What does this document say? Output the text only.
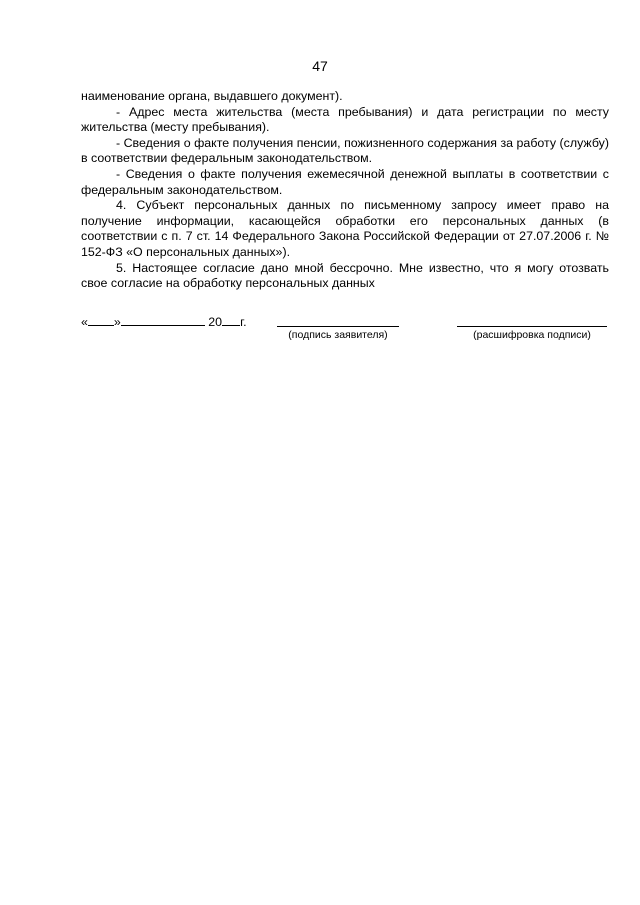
47

наименование органа, выдавшего документ).

- Адрес места жительства (места пребывания) и дата регистрации по месту жительства (месту пребывания).

- Сведения о факте получения пенсии, пожизненного содержания за работу (службу) в соответствии федеральным законодательством.

- Сведения о факте получения ежемесячной денежной выплаты в соответствии с федеральным законодательством.

4. Субъект персональных данных по письменному запросу имеет право на получение информации, касающейся обработки его персональных данных (в соответствии с п. 7 ст. 14 Федерального Закона Российской Федерации от 27.07.2006 г. № 152-ФЗ «О персональных данных»).

5. Настоящее согласие дано мной бессрочно. Мне известно, что я могу отозвать свое согласие на обработку персональных данных

« »	20 г.
(подпись заявителя)	(расшифровка подписи)
